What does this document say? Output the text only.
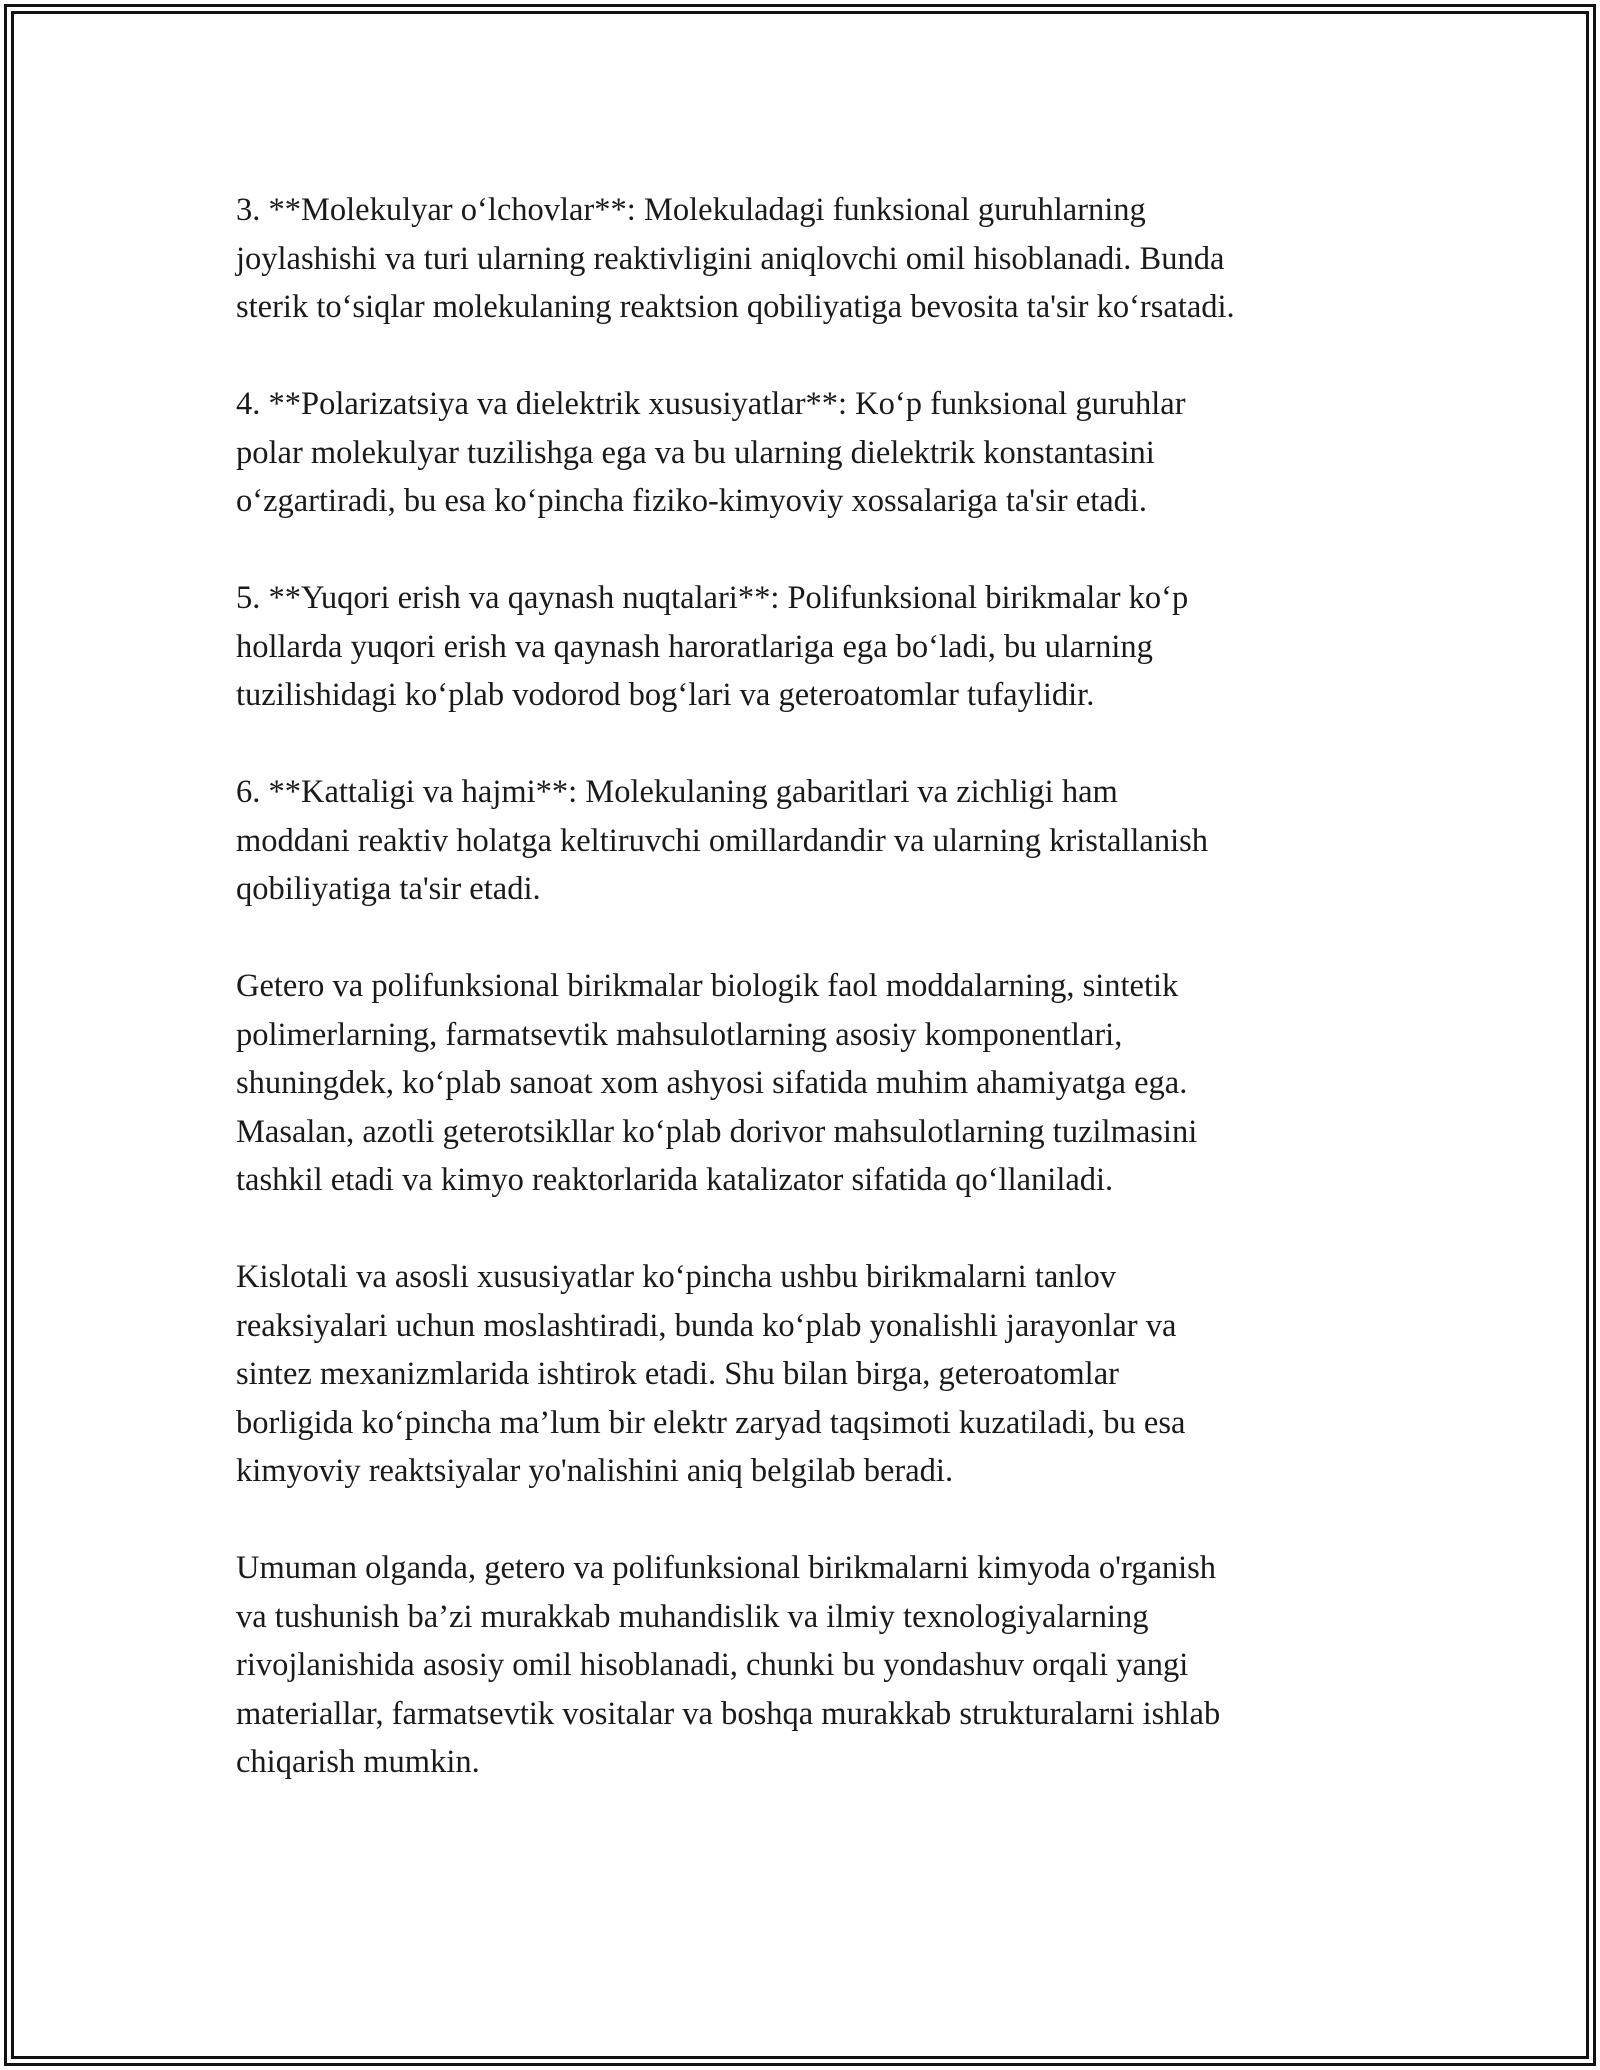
3. **Molekulyar o‘lchovlar**: Molekuladagi funksional guruhlarning
joylashishi va turi ularning reaktivligini aniqlovchi omil hisoblanadi. Bunda
sterik to‘siqlar molekulaning reaktsion qobiliyatiga bevosita ta'sir ko‘rsatadi.

4. **Polarizatsiya va dielektrik xususiyatlar**: Ko‘p funksional guruhlar
polar molekulyar tuzilishga ega va bu ularning dielektrik konstantasini
o‘zgartiradi, bu esa ko‘pincha fiziko-kimyoviy xossalariga ta'sir etadi.

5. **Yuqori erish va qaynash nuqtalari**: Polifunksional birikmalar ko‘p
hollarda yuqori erish va qaynash haroratlariga ega bo‘ladi, bu ularning
tuzilishidagi ko‘plab vodorod bog‘lari va geteroatomlar tufaylidir.

6. **Kattaligi va hajmi**: Molekulaning gabaritlari va zichligi ham
moddani reaktiv holatga keltiruvchi omillardandir va ularning kristallanish
qobiliyatiga ta'sir etadi.

Getero va polifunksional birikmalar biologik faol moddalarning, sintetik
polimerlarning, farmatsevtik mahsulotlarning asosiy komponentlari,
shuningdek, ko‘plab sanoat xom ashyosi sifatida muhim ahamiyatga ega.
Masalan, azotli geterotsikllar ko‘plab dorivor mahsulotlarning tuzilmasini
tashkil etadi va kimyo reaktorlarida katalizator sifatida qo‘llaniladi.

Kislotali va asosli xususiyatlar ko‘pincha ushbu birikmalarni tanlov
reaksiyalari uchun moslashtiradi, bunda ko‘plab yonalishli jarayonlar va
sintez mexanizmlarida ishtirok etadi. Shu bilan birga, geteroatomlar
borligida ko‘pincha ma’lum bir elektr zaryad taqsimoti kuzatiladi, bu esa
kimyoviy reaktsiyalar yo'nalishini aniq belgilab beradi.

Umuman olganda, getero va polifunksional birikmalarni kimyoda o'rganish
va tushunish ba’zi murakkab muhandislik va ilmiy texnologiyalarning
rivojlanishida asosiy omil hisoblanadi, chunki bu yondashuv orqali yangi
materiallar, farmatsevtik vositalar va boshqa murakkab strukturalarni ishlab
chiqarish mumkin.
